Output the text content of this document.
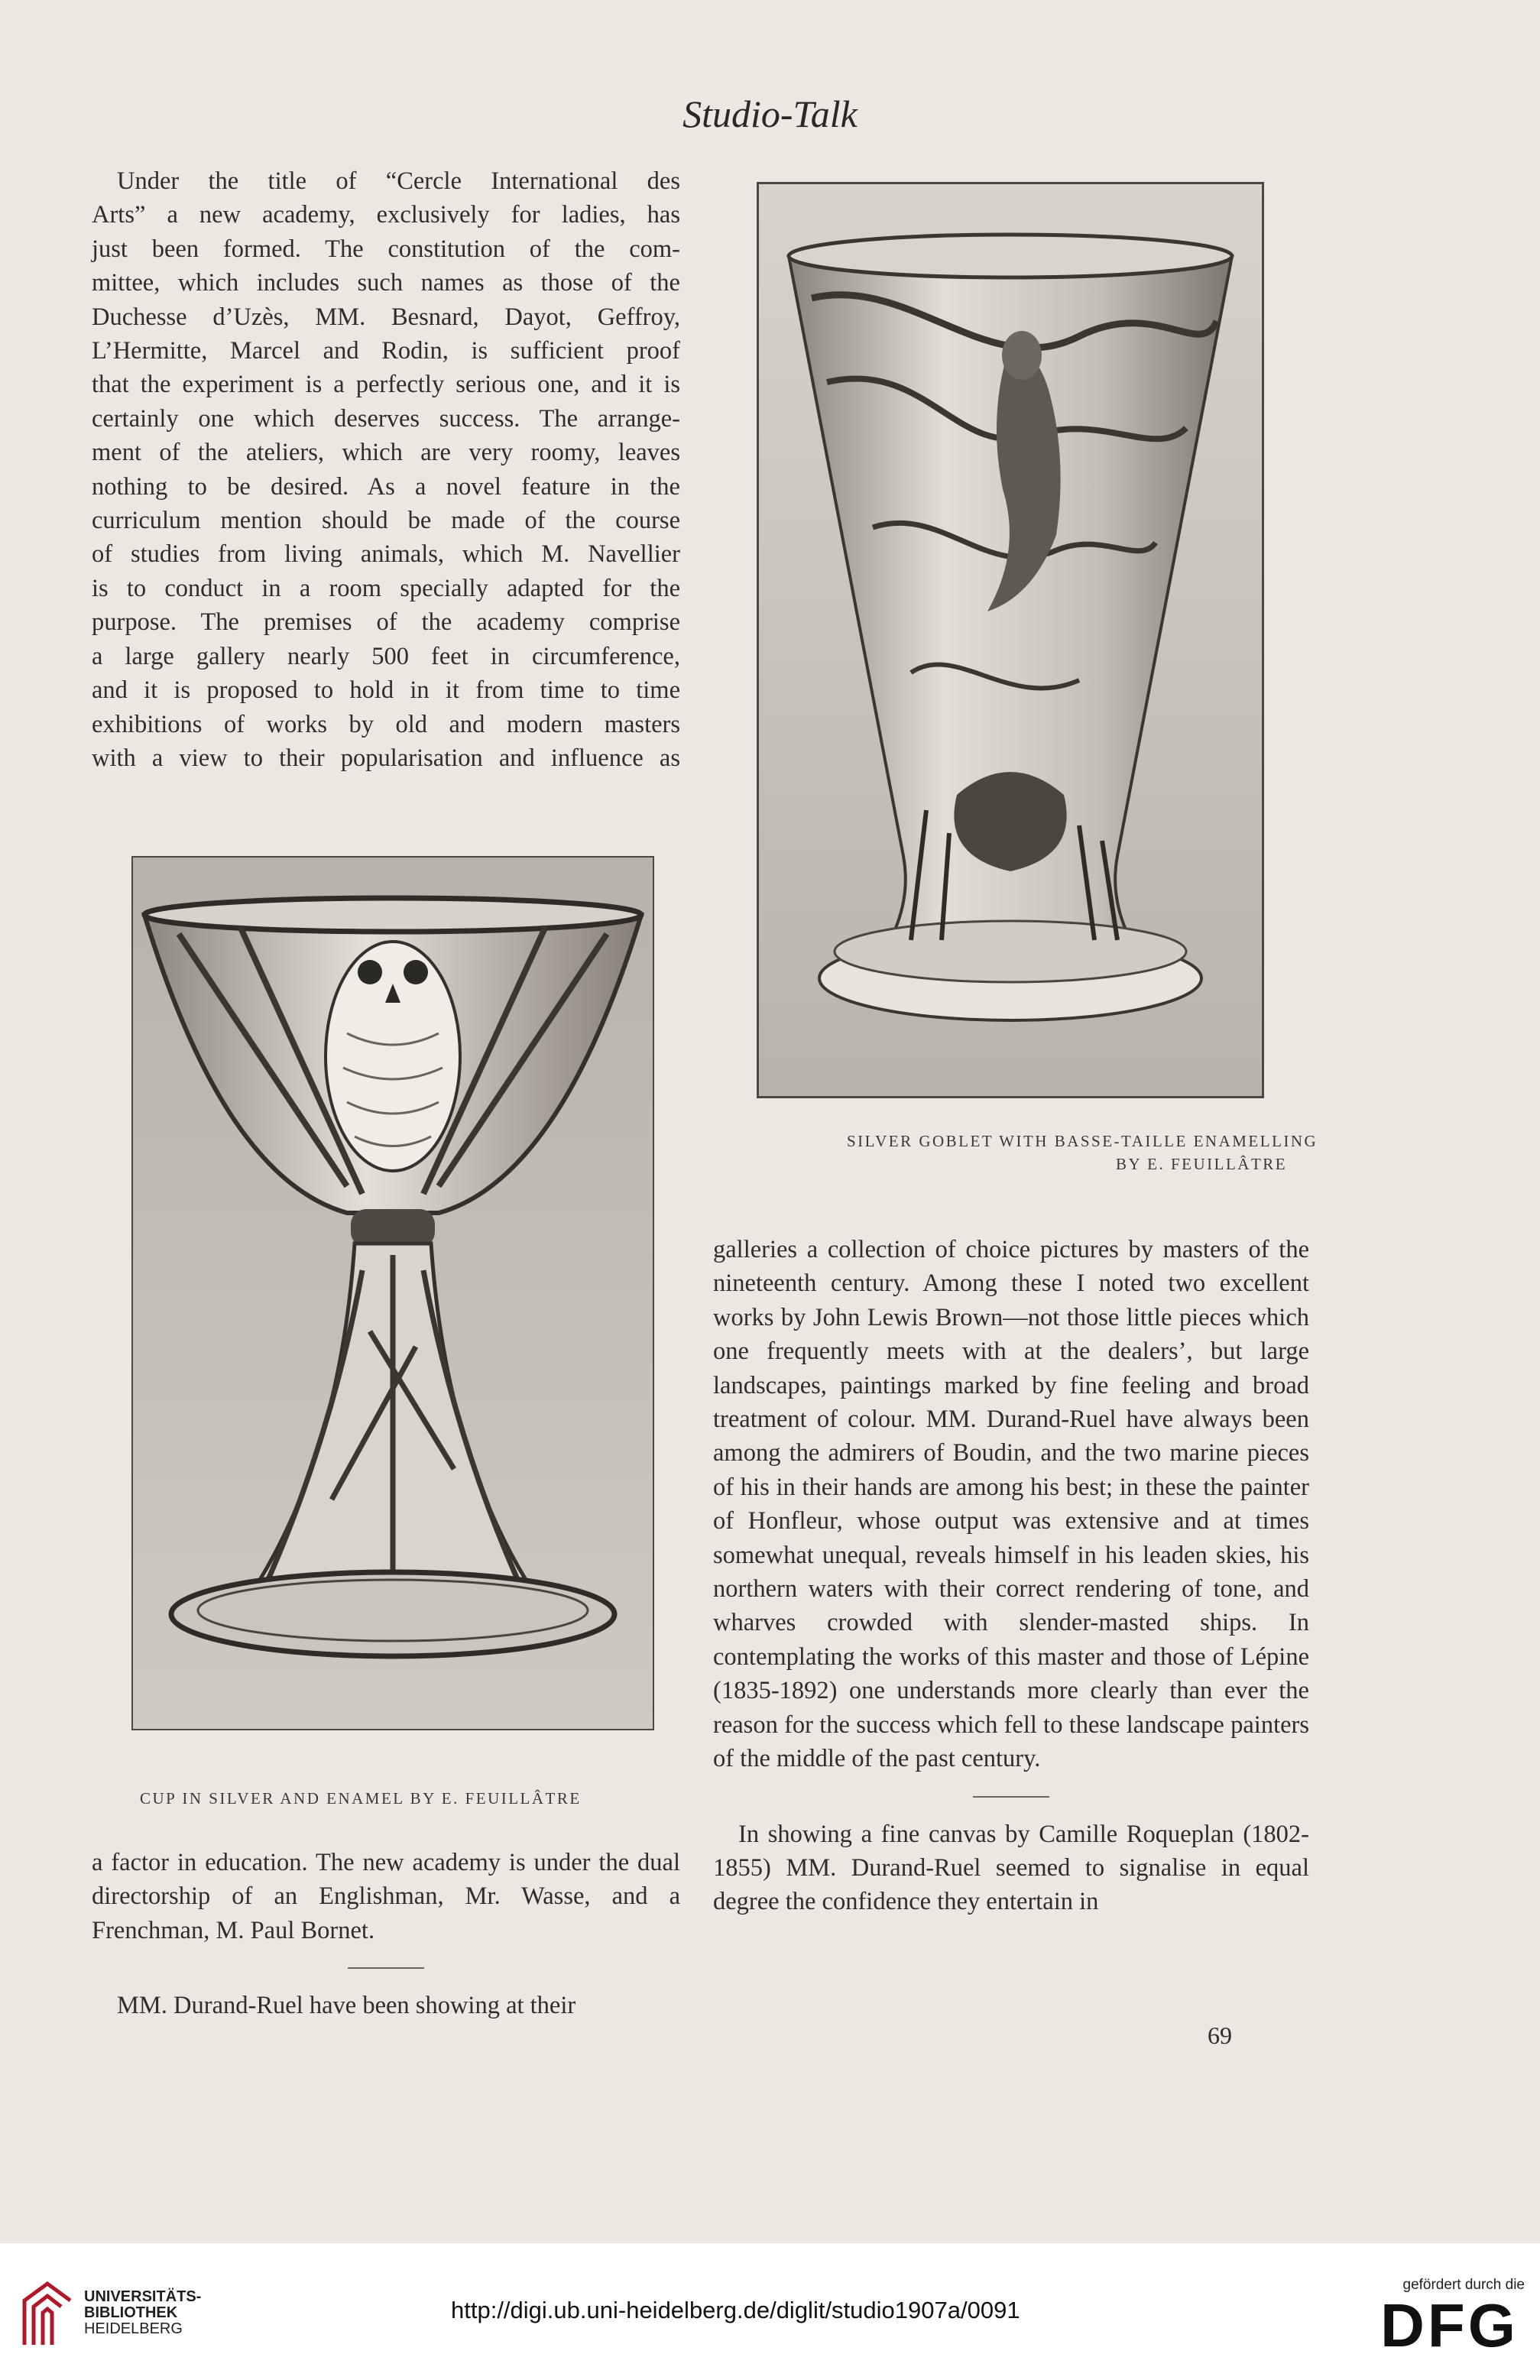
Studio-Talk

Under the title of “Cercle International des

Arts” a new academy, exclusively for ladies, has

just been formed. The constitution of the com-

mittee, which includes such names as those of the

Duchesse d’Uzès, MM. Besnard, Dayot, Geffroy,

L’Hermitte, Marcel and Rodin, is sufficient proof

that the experiment is a perfectly serious one, and it is

certainly one which deserves success. The arrange-

ment of the ateliers, which are very roomy, leaves

nothing to be desired. As a novel feature in the

curriculum mention should be made of the course

of studies from living animals, which M. Navellier

is to conduct in a room specially adapted for the

purpose. The premises of the academy comprise

a large gallery nearly 500 feet in circumference,

and it is proposed to hold in it from time to time

exhibitions of works by old and modern masters

with a view to their popularisation and influence as

SILVER GOBLET WITH BASSE-TAILLE ENAMELLING
BY E. FEUILLÂTRE
CUP IN SILVER AND ENAMEL BY E. FEUILLÂTRE

a factor in education. The new academy is under the dual directorship of an Englishman, Mr. Wasse, and a Frenchman, M. Paul Bornet.

MM. Durand-Ruel have been showing at their

galleries a collection of choice pictures by masters of the nineteenth century. Among these I noted two excellent works by John Lewis Brown—not those little pieces which one frequently meets with at the dealers’, but large landscapes, paintings marked by fine feeling and broad treatment of colour. MM. Durand-Ruel have always been among the admirers of Boudin, and the two marine pieces of his in their hands are among his best; in these the painter of Honfleur, whose output was extensive and at times somewhat unequal, reveals himself in his leaden skies, his northern waters with their correct rendering of tone, and wharves crowded with slender-masted ships. In contemplating the works of this master and those of Lépine (1835-1892) one understands more clearly than ever the reason for the success which fell to these landscape painters of the middle of the past century.

In showing a fine canvas by Camille Roqueplan (1802-1855) MM. Durand-Ruel seemed to signalise in equal degree the confidence they entertain in

69
UNIVERSITÄTS-
BIBLIOTHEK
HEIDELBERG
http://digi.ub.uni-heidelberg.de/diglit/studio1907a/0091
gefördert durch die
DFG
